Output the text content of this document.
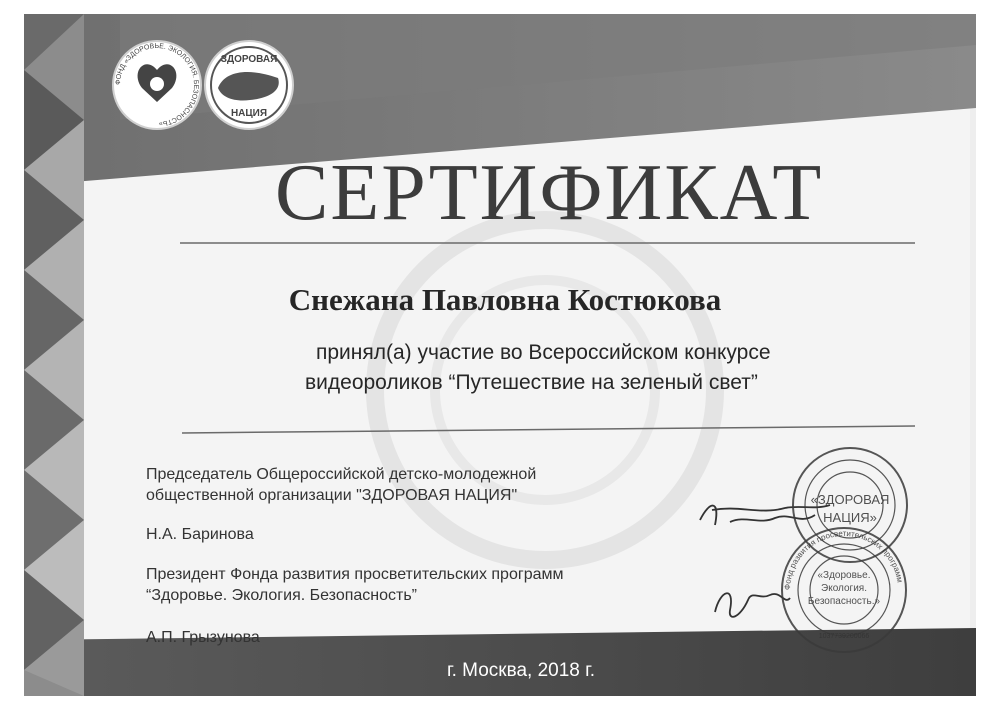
ФОНД «ЗДОРОВЬЕ. ЭКОЛОГИЯ. БЕЗОПАСНОСТЬ»
ЗДОРОВАЯ
НАЦИЯ
«ЗДОРОВАЯ
НАЦИЯ»
Фонд развития просветительских программ
«Здоровье.
Экология.
Безопасность.»
1037739200066
СЕРТИФИКАТ
Снежана Павловна Костюкова
принял(а) участие во Всероссийском конкурсе
видеороликов “Путешествие на зеленый свет”
Председатель Общероссийской детско-молодежной
общественной организации "ЗДОРОВАЯ НАЦИЯ"
Н.А. Баринова
Президент Фонда развития просветительских программ
“Здоровье. Экология. Безопасность”
А.П. Грызунова
г. Москва, 2018 г.
